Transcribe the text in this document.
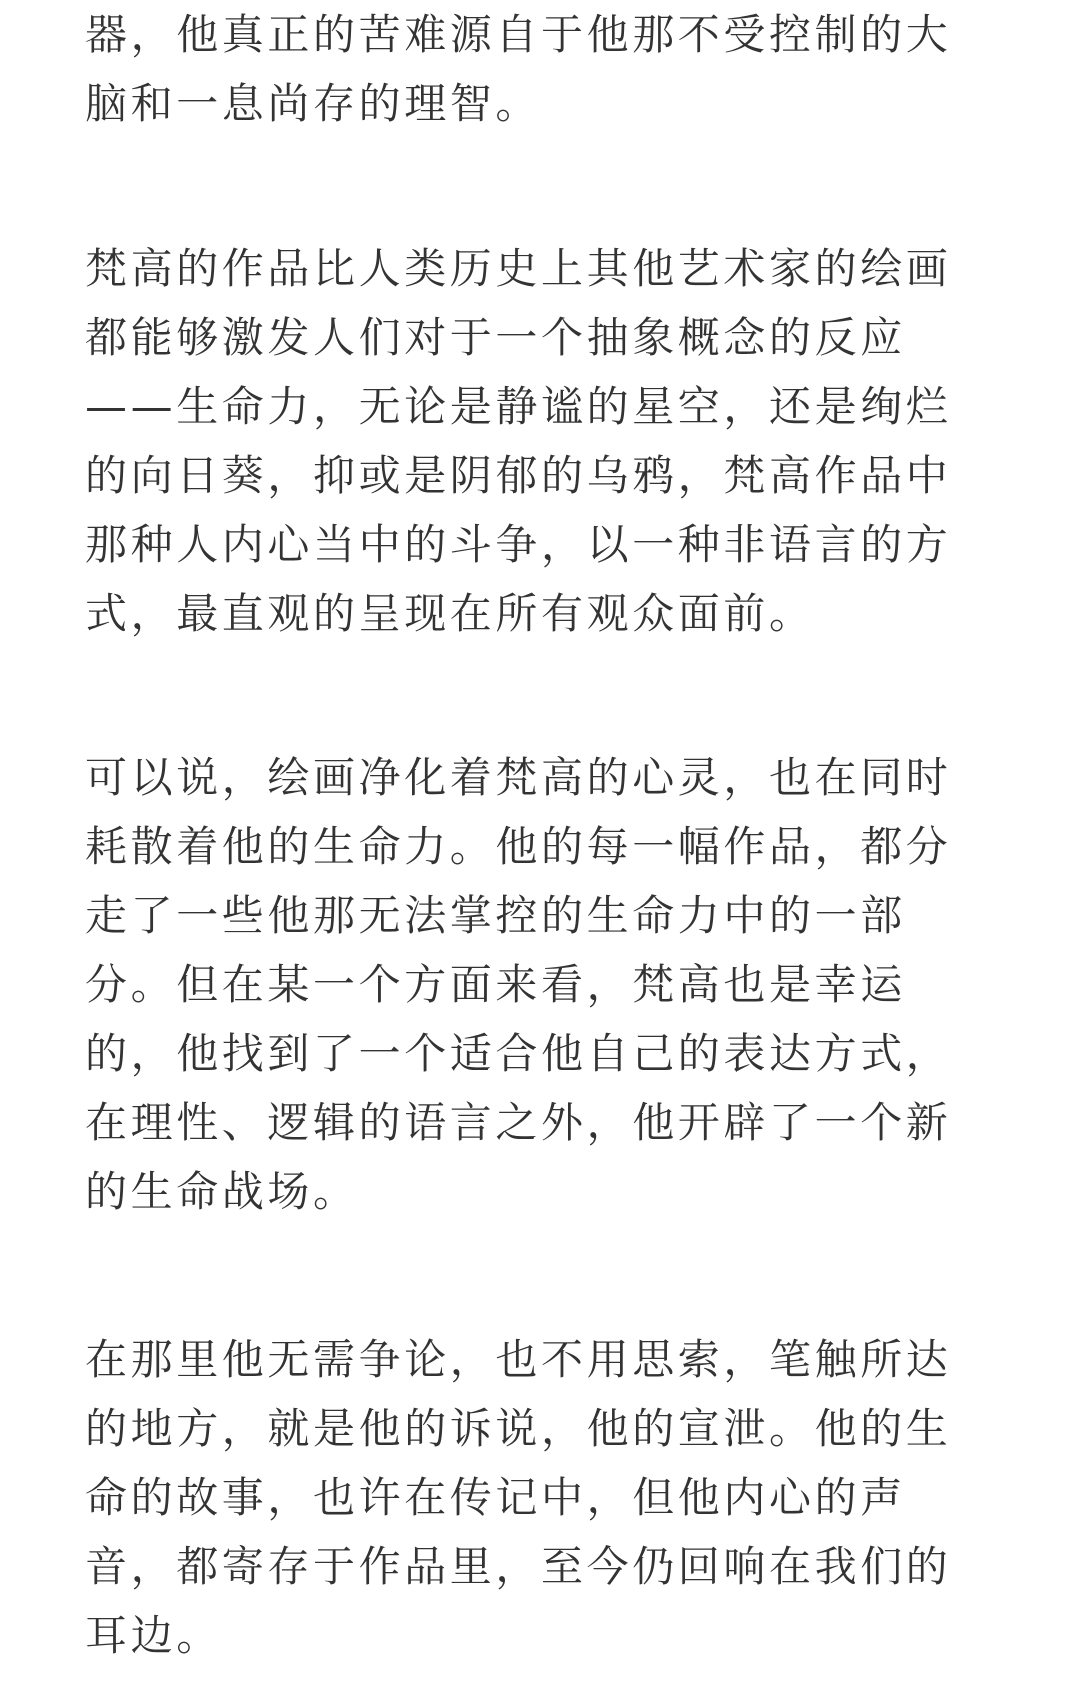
器，他真正的苦难源自于他那不受控制的大
脑和一息尚存的理智。
梵高的作品比人类历史上其他艺术家的绘画
都能够激发人们对于一个抽象概念的反应
——生命力，无论是静谧的星空，还是绚烂
的向日葵，抑或是阴郁的乌鸦，梵高作品中
那种人内心当中的斗争，以一种非语言的方
式，最直观的呈现在所有观众面前。
可以说，绘画净化着梵高的心灵，也在同时
耗散着他的生命力。他的每一幅作品，都分
走了一些他那无法掌控的生命力中的一部
分。但在某一个方面来看，梵高也是幸运
的，他找到了一个适合他自己的表达方式，
在理性、逻辑的语言之外，他开辟了一个新
的生命战场。
在那里他无需争论，也不用思索，笔触所达
的地方，就是他的诉说，他的宣泄。他的生
命的故事，也许在传记中，但他内心的声
音，都寄存于作品里，至今仍回响在我们的
耳边。
